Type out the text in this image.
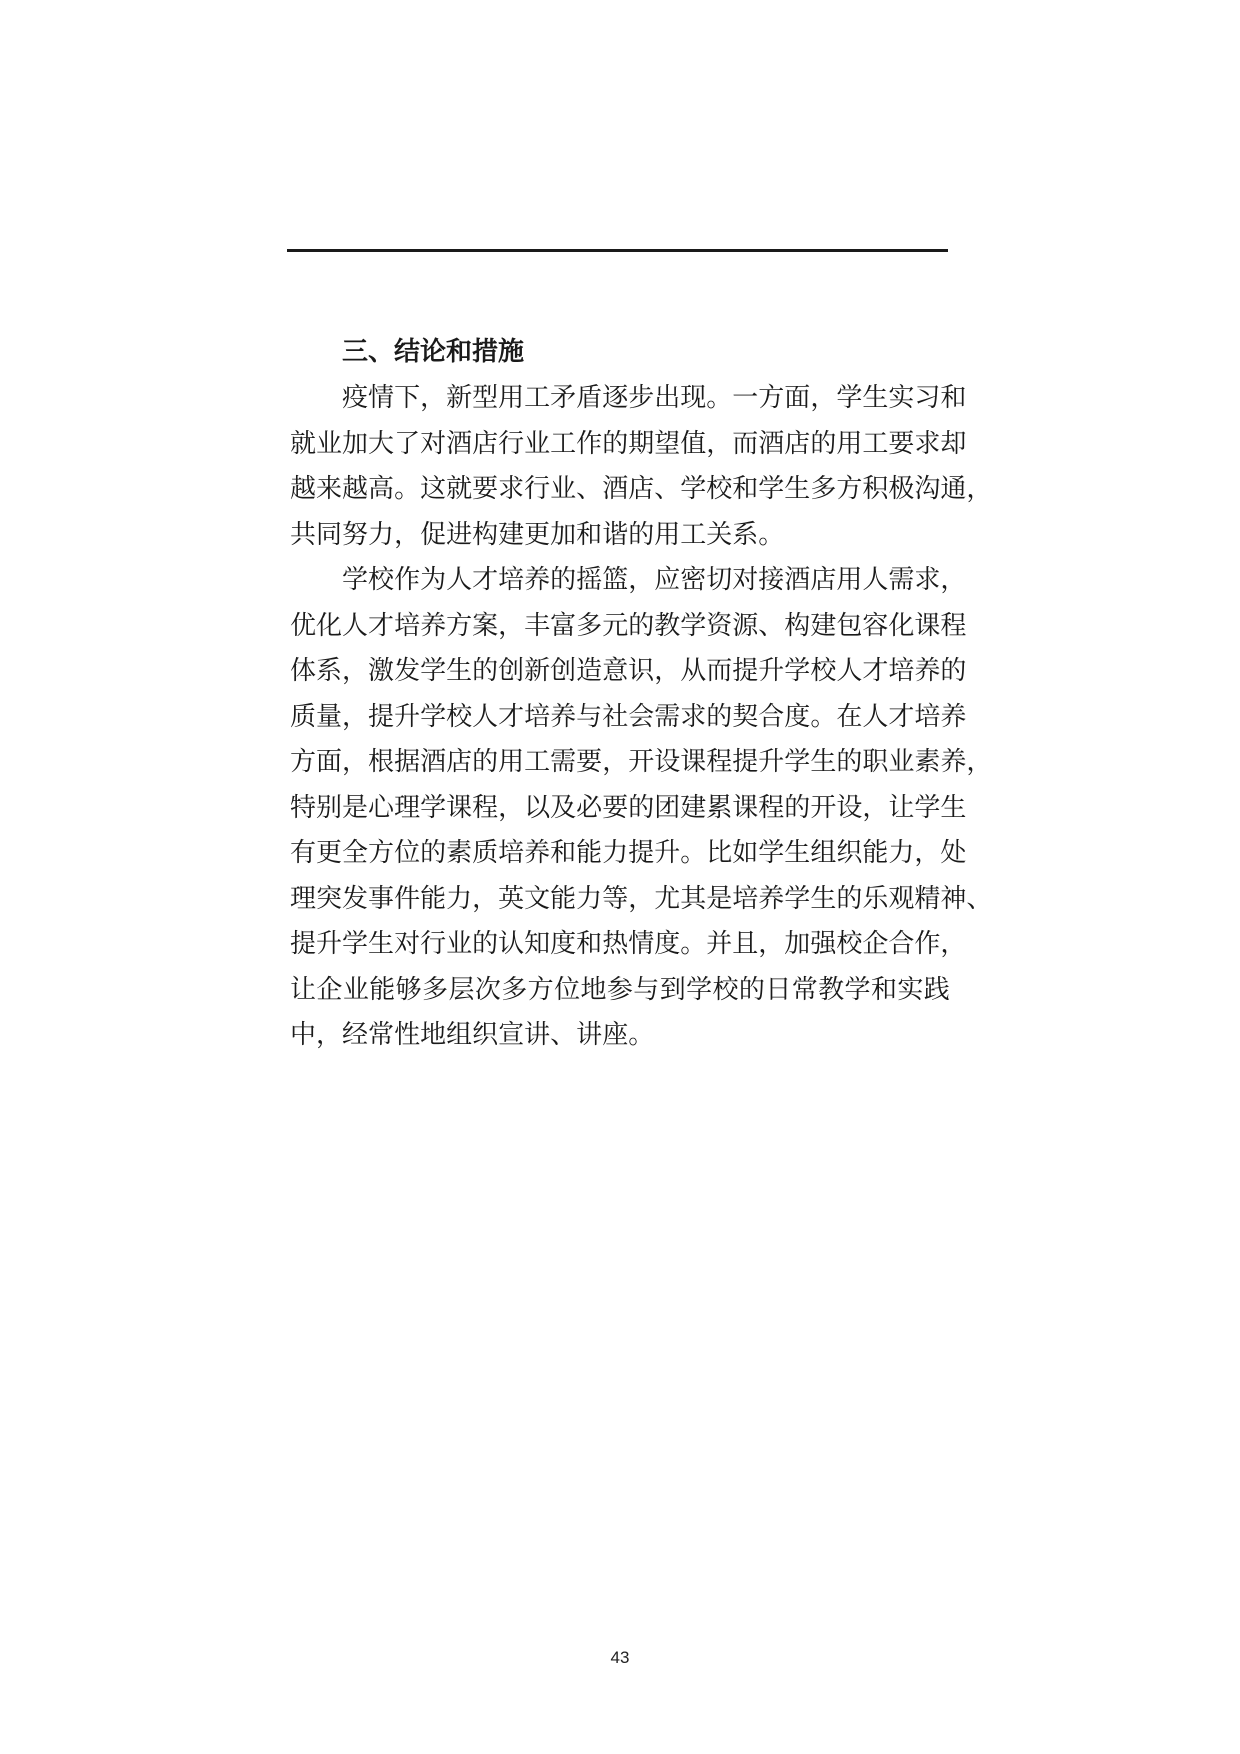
三、结论和措施

疫 情 下 ， 新 型 用 工 矛 盾 逐 步 出 现 。 一 方 面 ， 学 生 实 习 和
就 业 加 大 了 对 酒 店 行 业 工 作 的 期 望 值 ， 而 酒 店 的 用 工 要 求 却
越 来 越 高 。 这 就 要 求 行 业 、 酒 店 、 学 校 和 学 生 多 方 积 极 沟 通 ，
共 同 努 力 ， 促 进 构 建 更 加 和 谐 的 用 工 关 系 。

学 校 作 为 人 才 培 养 的 摇 篮 ， 应 密 切 对 接 酒 店 用 人 需 求 ，
优 化 人 才 培 养 方 案 ， 丰 富 多 元 的 教 学 资 源 、 构 建 包 容 化 课 程
体 系 ， 激 发 学 生 的 创 新 创 造 意 识 ， 从 而 提 升 学 校 人 才 培 养 的
质 量 ， 提 升 学 校 人 才 培 养 与 社 会 需 求 的 契 合 度 。 在 人 才 培 养
方 面 ， 根 据 酒 店 的 用 工 需 要 ， 开 设 课 程 提 升 学 生 的 职 业 素 养 ，
特 别 是 心 理 学 课 程 ， 以 及 必 要 的 团 建 累 课 程 的 开 设 ， 让 学 生
有 更 全 方 位 的 素 质 培 养 和 能 力 提 升 。 比 如 学 生 组 织 能 力 ， 处
理 突 发 事 件 能 力 ， 英 文 能 力 等 ， 尤 其 是 培 养 学 生 的 乐 观 精 神 、
提 升 学 生 对 行 业 的 认 知 度 和 热 情 度 。 并 且 ， 加 强 校 企 合 作 ，
让 企 业 能 够 多 层 次 多 方 位 地 参 与 到 学 校 的 日 常 教 学 和 实 践
中 ， 经 常 性 地 组 织 宣 讲 、 讲 座 。
43
